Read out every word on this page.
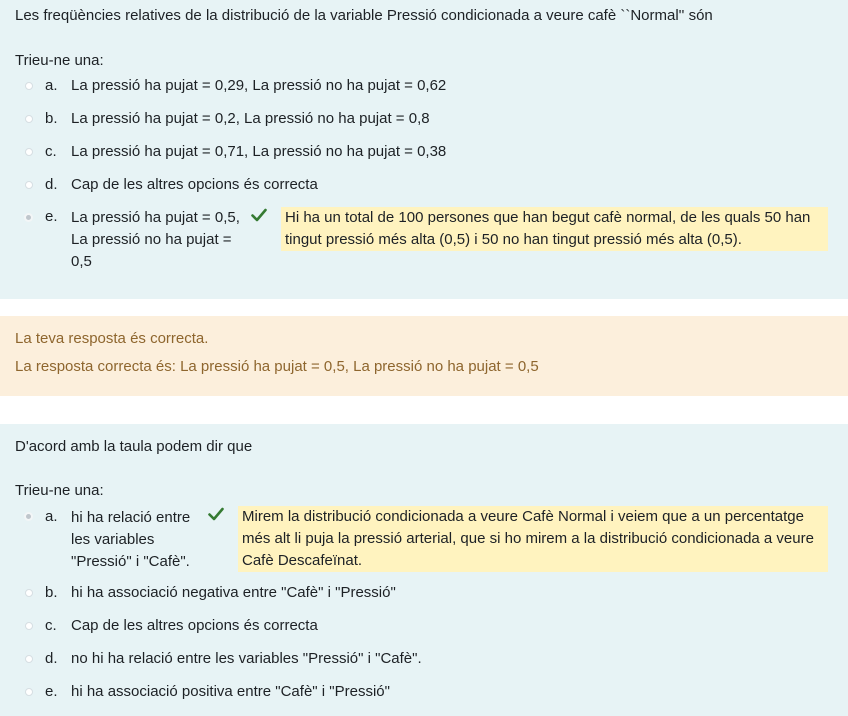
Les freqüències relatives de la distribució de la variable Pressió condicionada a veure cafè ``Normal'' són
Trieu-ne una:
a. La pressió ha pujat = 0,29, La pressió no ha pujat = 0,62
b. La pressió ha pujat = 0,2, La pressió no ha pujat = 0,8
c. La pressió ha pujat = 0,71, La pressió no ha pujat = 0,38
d. Cap de les altres opcions és correcta
e. La pressió ha pujat = 0,5, La pressió no ha pujat = 0,5
Hi ha un total de 100 persones que han begut cafè normal, de les quals 50 han tingut pressió més alta (0,5) i 50 no han tingut pressió més alta (0,5).
La teva resposta és correcta.
La resposta correcta és: La pressió ha pujat = 0,5, La pressió no ha pujat = 0,5
D'acord amb la taula podem dir que
Trieu-ne una:
a. hi ha relació entre les variables "Pressió" i "Cafè".
Mirem la distribució condicionada a veure Cafè Normal i veiem que a un percentatge més alt li puja la pressió arterial, que si ho mirem a la distribució condicionada a veure Cafè Descafeïnat.
b. hi ha associació negativa entre "Cafè" i "Pressió"
c. Cap de les altres opcions és correcta
d. no hi ha relació entre les variables "Pressió" i "Cafè".
e. hi ha associació positiva entre "Cafè" i "Pressió"
